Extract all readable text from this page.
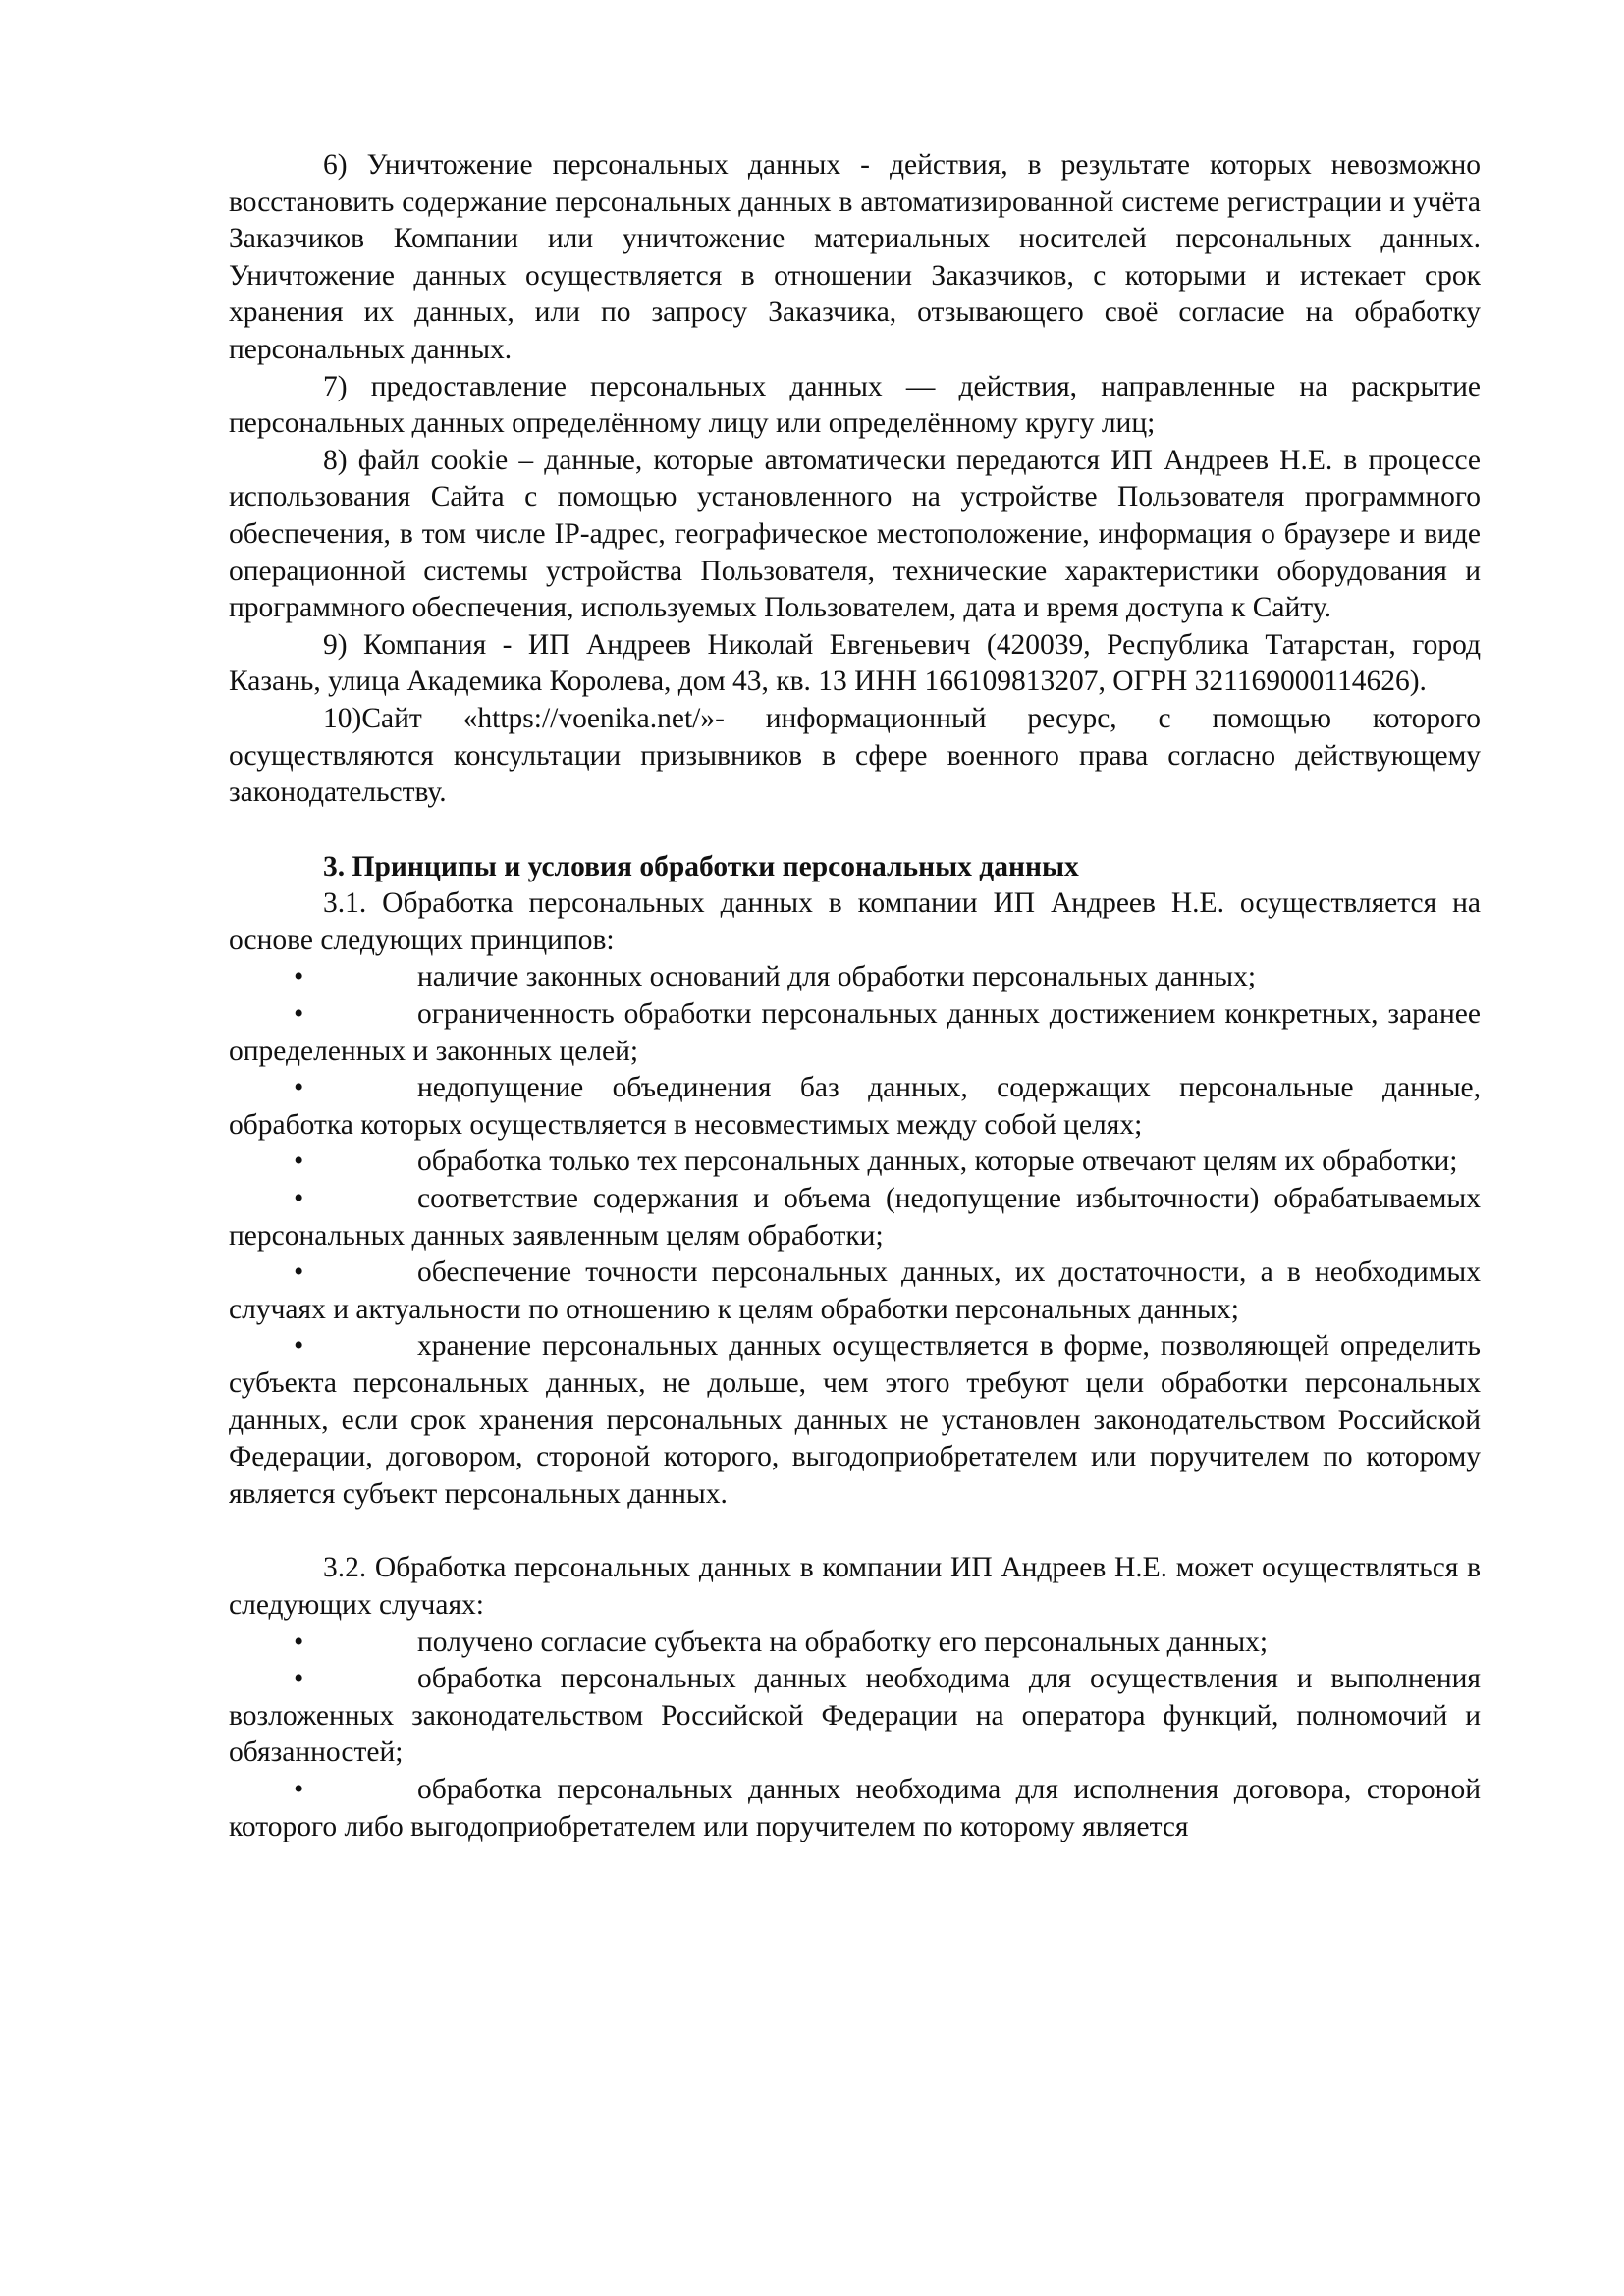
6) Уничтожение персональных данных - действия, в результате которых невозможно восстановить содержание персональных данных в автоматизированной системе регистрации и учёта Заказчиков Компании или уничтожение материальных носителей персональных данных. Уничтожение данных осуществляется в отношении Заказчиков, с которыми и истекает срок хранения их данных, или по запросу Заказчика, отзывающего своё согласие на обработку персональных данных.

7) предоставление персональных данных — действия, направленные на раскрытие персональных данных определённому лицу или определённому кругу лиц;

8) файл cookie – данные, которые автоматически передаются ИП Андреев Н.Е. в процессе использования Сайта с помощью установленного на устройстве Пользователя программного обеспечения, в том числе IP-адрес, географическое местоположение, информация о браузере и виде операционной системы устройства Пользователя, технические характеристики оборудования и программного обеспечения, используемых Пользователем, дата и время доступа к Сайту.

9) Компания - ИП Андреев Николай Евгеньевич (420039, Республика Татарстан, город Казань, улица Академика Королева, дом 43, кв. 13 ИНН 166109813207, ОГРН 321169000114626).

10)Сайт «https://voenika.net/»- информационный ресурс, с помощью которого осуществляются консультации призывников в сфере военного права согласно действующему законодательству.

3. Принципы и условия обработки персональных данных

3.1. Обработка персональных данных в компании ИП Андреев Н.Е. осуществляется на основе следующих принципов:

•	наличие законных оснований для обработки персональных данных;

•	ограниченность обработки персональных данных достижением конкретных, заранее определенных и законных целей;

•	недопущение объединения баз данных, содержащих персональные данные, обработка которых осуществляется в несовместимых между собой целях;

•	обработка только тех персональных данных, которые отвечают целям их обработки;

•	соответствие содержания и объема (недопущение избыточности) обрабатываемых персональных данных заявленным целям обработки;

•	обеспечение точности персональных данных, их достаточности, а в необходимых случаях и актуальности по отношению к целям обработки персональных данных;

•	хранение персональных данных осуществляется в форме, позволяющей определить субъекта персональных данных, не дольше, чем этого требуют цели обработки персональных данных, если срок хранения персональных данных не установлен законодательством Российской Федерации, договором, стороной которого, выгодоприобретателем или поручителем по которому является субъект персональных данных.

3.2. Обработка персональных данных в компании ИП Андреев Н.Е. может осуществляться в следующих случаях:

•	получено согласие субъекта на обработку его персональных данных;

•	обработка персональных данных необходима для осуществления и выполнения возложенных законодательством Российской Федерации на оператора функций, полномочий и обязанностей;

•	обработка персональных данных необходима для исполнения договора, стороной которого либо выгодоприобретателем или поручителем по которому является
